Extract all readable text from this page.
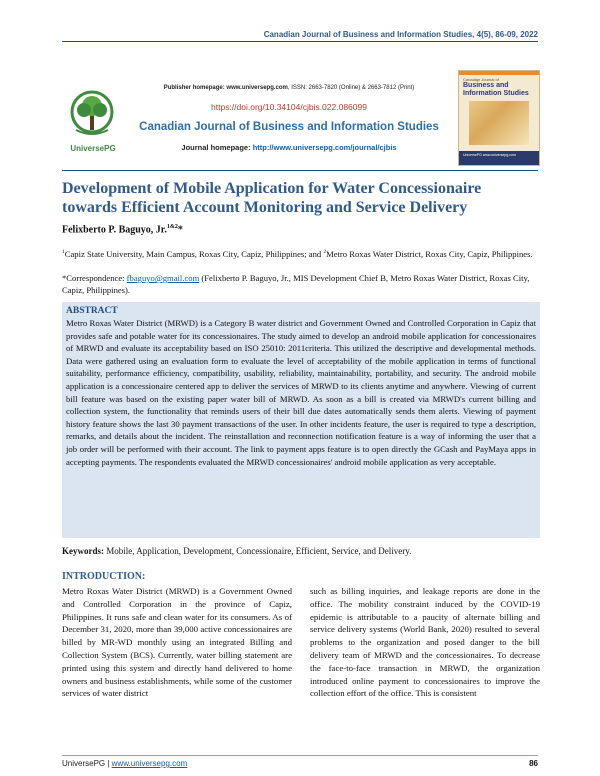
Canadian Journal of Business and Information Studies, 4(5), 86-09, 2022
UniversePG
Publisher homepage: www.universepg.com, ISSN: 2663-7820 (Online) & 2663-7812 (Print)
https://doi.org/10.34104/cjbis.022.086099
Canadian Journal of Business and Information Studies
Journal homepage: http://www.universepg.com/journal/cjbis
Canadian Journal of
Business and Information Studies
UniversePG www.universepg.com
Development of Mobile Application for Water Concessionaire towards Efficient Account Monitoring and Service Delivery
Felixberto P. Baguyo, Jr.$^{1\&2}$*
$^1$Capiz State University, Main Campus, Roxas City, Capiz, Philippines; and $^2$Metro Roxas Water District, Roxas City, Capiz, Philippines.
*Correspondence: fbaguyo@gmail.com (Felixberto P. Baguyo, Jr., MIS Development Chief B, Metro Roxas Water District, Roxas City, Capiz, Philippines).
ABSTRACT
Metro Roxas Water District (MRWD) is a Category B water district and Government Owned and Controlled Corporation in Capiz that provides safe and potable water for its concessionaires. The study aimed to develop an android mobile application for concessionaires of MRWD and evaluate its acceptability based on ISO 25010: 2011criteria. This utilized the descriptive and developmental methods. Data were gathered using an evaluation form to evaluate the level of acceptability of the mobile application in terms of functional suitability, performance efficiency, compatibility, usability, reliability, maintainability, portability, and security. The android mobile application is a concessionaire centered app to deliver the services of MRWD to its clients anytime and anywhere. Viewing of current bill feature was based on the existing paper water bill of MRWD. As soon as a bill is created via MRWD's current billing and collection system, the functionality that reminds users of their bill due dates automatically sends them alerts. Viewing of payment history feature shows the last 30 payment transactions of the user. In other incidents feature, the user is required to type a description, remarks, and details about the incident. The reinstallation and reconnection notification feature is a way of informing the user that a job order will be performed with their account. The link to payment apps feature is to open directly the GCash and PayMaya apps in accepting payments. The respondents evaluated the MRWD concessionaires' android mobile application as very acceptable.
Keywords: Mobile, Application, Development, Concessionaire, Efficient, Service, and Delivery.
INTRODUCTION:
Metro Roxas Water District (MRWD) is a Government Owned and Controlled Corporation in the province of Capiz, Philippines. It runs safe and clean water for its consumers. As of December 31, 2020, more than 39,000 active concessionaires are billed by MR-WD monthly using an integrated Billing and Collection System (BCS). Currently, water billing statement are printed using this system and directly hand delivered to home owners and business establishments, while some of the customer services of water district
such as billing inquiries, and leakage reports are done in the office. The mobility constraint induced by the COVID-19 epidemic is attributable to a paucity of alternate billing and service delivery systems (World Bank, 2020) resulted to several problems to the organization and posed danger to the bill delivery team of MRWD and the concessionaires. To decrease the face-to-face transaction in MRWD, the organization introduced online payment to concessionaires to improve the collection effort of the office. This is consistent
UniversePG | www.universepg.com	86
